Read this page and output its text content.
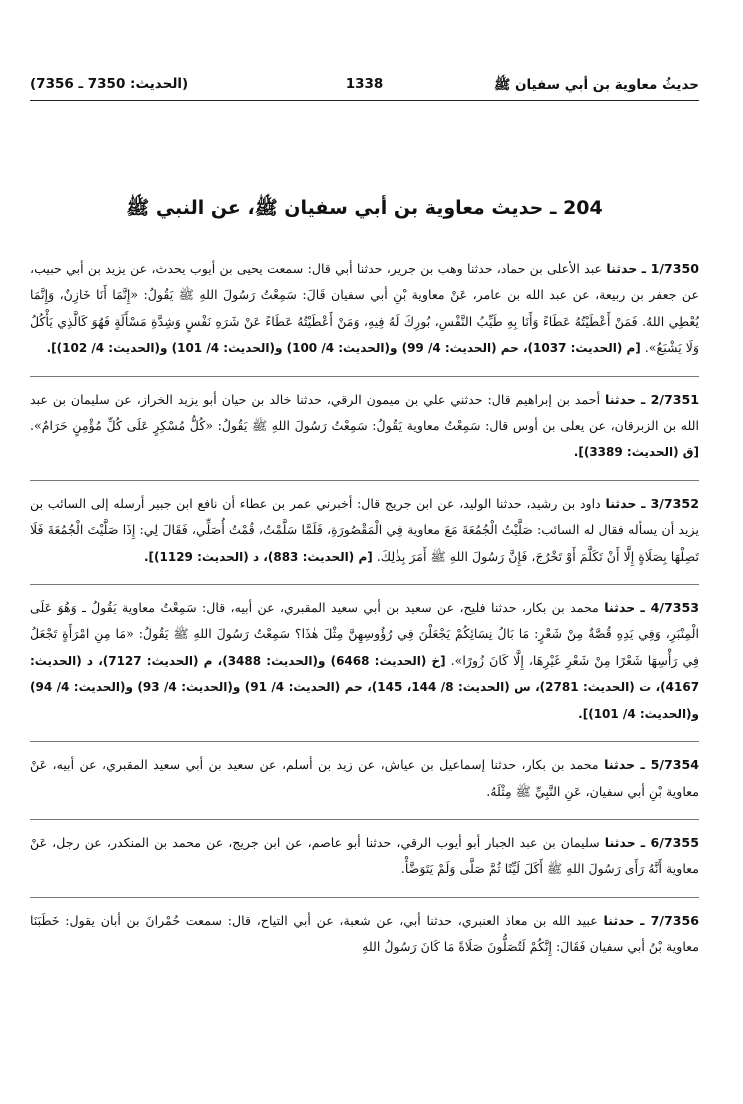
حديثُ معاوية بن أبي سفيان ﷺ
1338
(الحديث: 7350 ـ 7356)
204 ـ حديث معاوية بن أبي سفيان ﷺ، عن النبي ﷺ

1/7350 ـ حدثنا عبد الأعلى بن حماد، حدثنا وهب بن جرير، حدثنا أبي قال: سمعت يحيى بن أيوب يحدث، عن يزيد بن أبي حبيب، عن جعفر بن ربيعة، عن عبد الله بن عامر، عَنْ معاوية بْنِ أبي سفيان قَالَ: سَمِعْتُ رَسُولَ اللهِ ﷺ يَقُولُ: «إِنَّمَا أَنَا خَازِنٌ، وَإِنَّمَا يُعْطِي اللهُ. فَمَنْ أَعْطَيْتُهُ عَطَاءً وَأَنَا بِهِ طَيِّبُ النَّفْسِ، بُورِكَ لَهُ فِيهِ، وَمَنْ أَعْطَيْتُهُ عَطَاءً عَنْ شَرَهِ نَفْسٍ وَشِدَّةِ مَسْأَلَةٍ فَهُوَ كَالَّذِي يَأْكُلُ وَلَا يَشْبَعُ». [م (الحديث: 1037)، حم (الحديث: 4/ 99) و(الحديث: 4/ 100) و(الحديث: 4/ 101) و(الحديث: 4/ 102)].

2/7351 ـ حدثنا أحمد بن إبراهيم قال: حدثني علي بن ميمون الرقي، حدثنا خالد بن حيان أبو يزيد الخراز، عن سليمان بن عبد الله بن الزبرقان، عن يعلى بن أوس قال: سَمِعْتُ معاوية يَقُولُ: سَمِعْتُ رَسُولَ اللهِ ﷺ يَقُولُ: «كُلُّ مُسْكِرٍ عَلَى كُلِّ مُؤْمِنٍ حَرَامٌ». [ق (الحديث: 3389)].

3/7352 ـ حدثنا داود بن رشيد، حدثنا الوليد، عن ابن جريج قال: أخبرني عمر بن عطاء أن نافع ابن جبير أرسله إلى السائب بن يزيد أن يسأله فقال له السائب: صَلَّيْتُ الْجُمُعَةَ مَعَ معاوية فِي الْمَقْصُورَةِ، فَلَمَّا سَلَّمْتُ، قُمْتُ أُصَلِّي، فَقَالَ لِي: إِذَا صَلَّيْتَ الْجُمُعَةَ فَلَا تَصِلْهَا بِصَلَاةٍ إِلَّا أَنْ تَكَلَّمَ أَوْ تَخْرُجَ، فَإِنَّ رَسُولَ اللهِ ﷺ أَمَرَ بِذٰلِكَ. [م (الحديث: 883)، د (الحديث: 1129)].

4/7353 ـ حدثنا محمد بن بكار، حدثنا فليح، عن سعيد بن أبي سعيد المقبري، عن أبيه، قال: سَمِعْتُ معاوية يَقُولُ ـ وَهُوَ عَلَى الْمِنْبَرِ، وَفِي يَدِهِ قُصَّةٌ مِنْ شَعْرٍ: مَا بَالُ نِسَائِكُمْ يَجْعَلْنَ فِي رُؤُوسِهِنَّ مِثْلَ هٰذَا؟ سَمِعْتُ رَسُولَ اللهِ ﷺ يَقُولُ: «مَا مِنِ امْرَأَةٍ تَجْعَلُ فِي رَأْسِهَا شَعْرًا مِنْ شَعْرِ غَيْرِهَا، إِلَّا كَانَ زُورًا». [خ (الحديث: 6468) و(الحديث: 3488)، م (الحديث: 7127)، د (الحديث: 4167)، ت (الحديث: 2781)، س (الحديث: 8/ 144، 145)، حم (الحديث: 4/ 91) و(الحديث: 4/ 93) و(الحديث: 4/ 94) و(الحديث: 4/ 101)].

5/7354 ـ حدثنا محمد بن بكار، حدثنا إسماعيل بن عياش، عن زيد بن أسلم، عن سعيد بن أبي سعيد المقبري، عن أبيه، عَنْ معاوية بْنِ أبي سفيان، عَنِ النَّبِيِّ ﷺ مِثْلَهُ.

6/7355 ـ حدثنا سليمان بن عبد الجبار أبو أيوب الرقي، حدثنا أبو عاصم، عن ابن جريج، عن محمد بن المنكدر، عن رجل، عَنْ معاوية أَنَّهُ رَأَى رَسُولَ اللهِ ﷺ أَكَلَ لَيِّنًا ثُمَّ صَلَّى وَلَمْ يَتَوَضَّأْ.

7/7356 ـ حدثنا عبيد الله بن معاذ العنبري، حدثنا أبي، عن شعبة، عن أبي التياح، قال: سمعت حُمْرانَ بن أبان يقول: خَطَبَنَا معاوية بْنُ أبي سفيان فَقَالَ: إِنَّكُمْ لَتُصَلُّونَ صَلَاةً مَا كَانَ رَسُولُ اللهِ
